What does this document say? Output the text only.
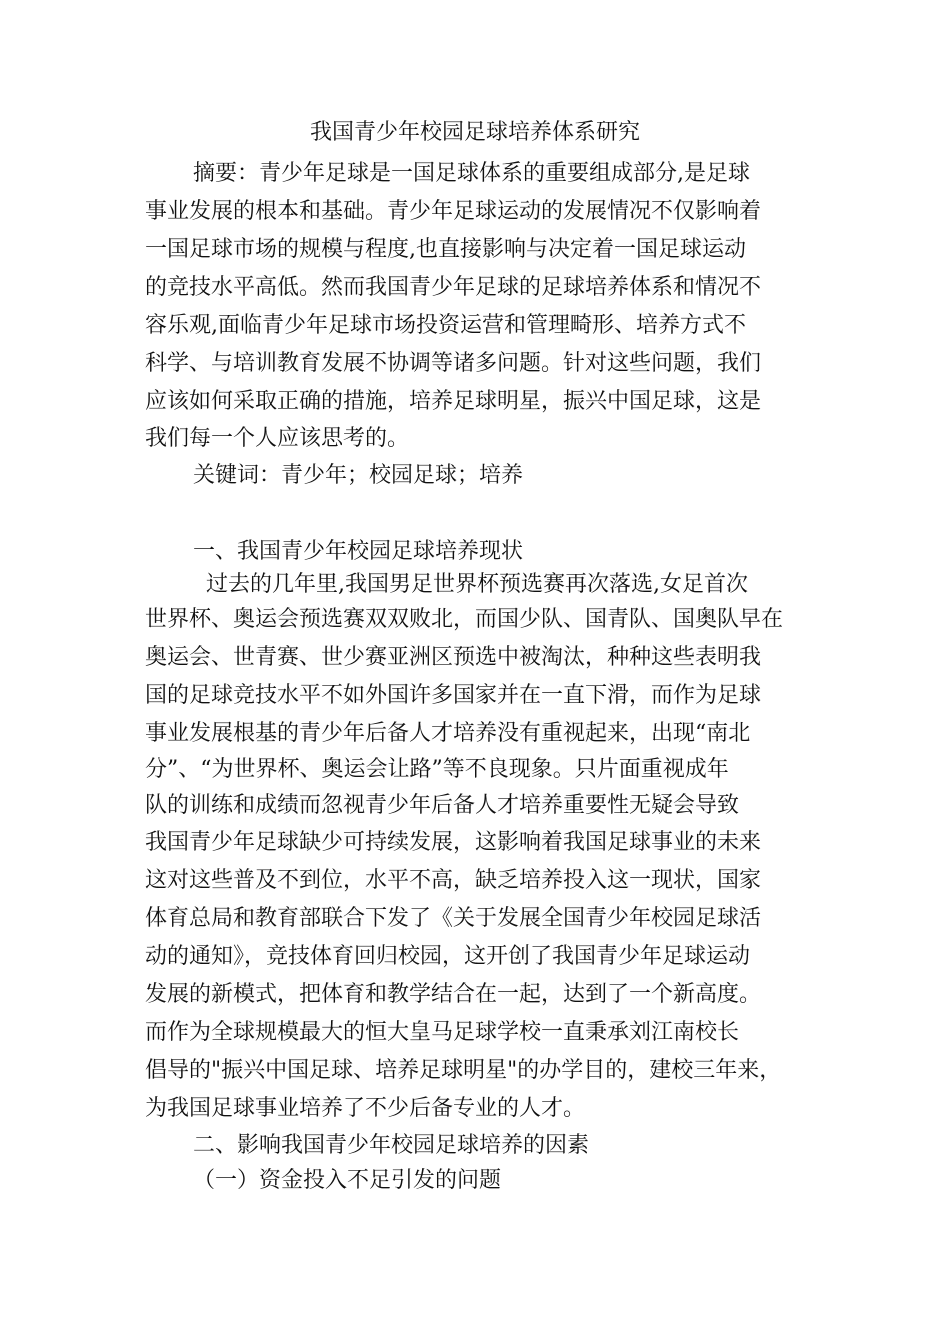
我国青少年校园足球培养体系研究
摘要：青少年足球是一国足球体系的重要组成部分,是足球
事业发展的根本和基础。青少年足球运动的发展情况不仅影响着
一国足球市场的规模与程度,也直接影响与决定着一国足球运动
的竞技水平高低。然而我国青少年足球的足球培养体系和情况不
容乐观,面临青少年足球市场投资运营和管理畸形、培养方式不
科学、与培训教育发展不协调等诸多问题。针对这些问题，我们
应该如何采取正确的措施，培养足球明星，振兴中国足球，这是
我们每一个人应该思考的。
关键词：青少年；校园足球；培养
一、我国青少年校园足球培养现状
过去的几年里,我国男足世界杯预选赛再次落选,女足首次
世界杯、奥运会预选赛双双败北，而国少队、国青队、国奥队早在
奥运会、世青赛、世少赛亚洲区预选中被淘汰，种种这些表明我
国的足球竞技水平不如外国许多国家并在一直下滑，而作为足球
事业发展根基的青少年后备人才培养没有重视起来，出现“南北
分”、“为世界杯、奥运会让路”等不良现象。只片面重视成年
队的训练和成绩而忽视青少年后备人才培养重要性无疑会导致
我国青少年足球缺少可持续发展，这影响着我国足球事业的未来
这对这些普及不到位，水平不高，缺乏培养投入这一现状，国家
体育总局和教育部联合下发了《关于发展全国青少年校园足球活
动的通知》，竞技体育回归校园，这开创了我国青少年足球运动
发展的新模式，把体育和教学结合在一起，达到了一个新高度。
而作为全球规模最大的恒大皇马足球学校一直秉承刘江南校长
倡导的"振兴中国足球、培养足球明星"的办学目的，建校三年来，
为我国足球事业培养了不少后备专业的人才。
二、影响我国青少年校园足球培养的因素
（一）资金投入不足引发的问题
